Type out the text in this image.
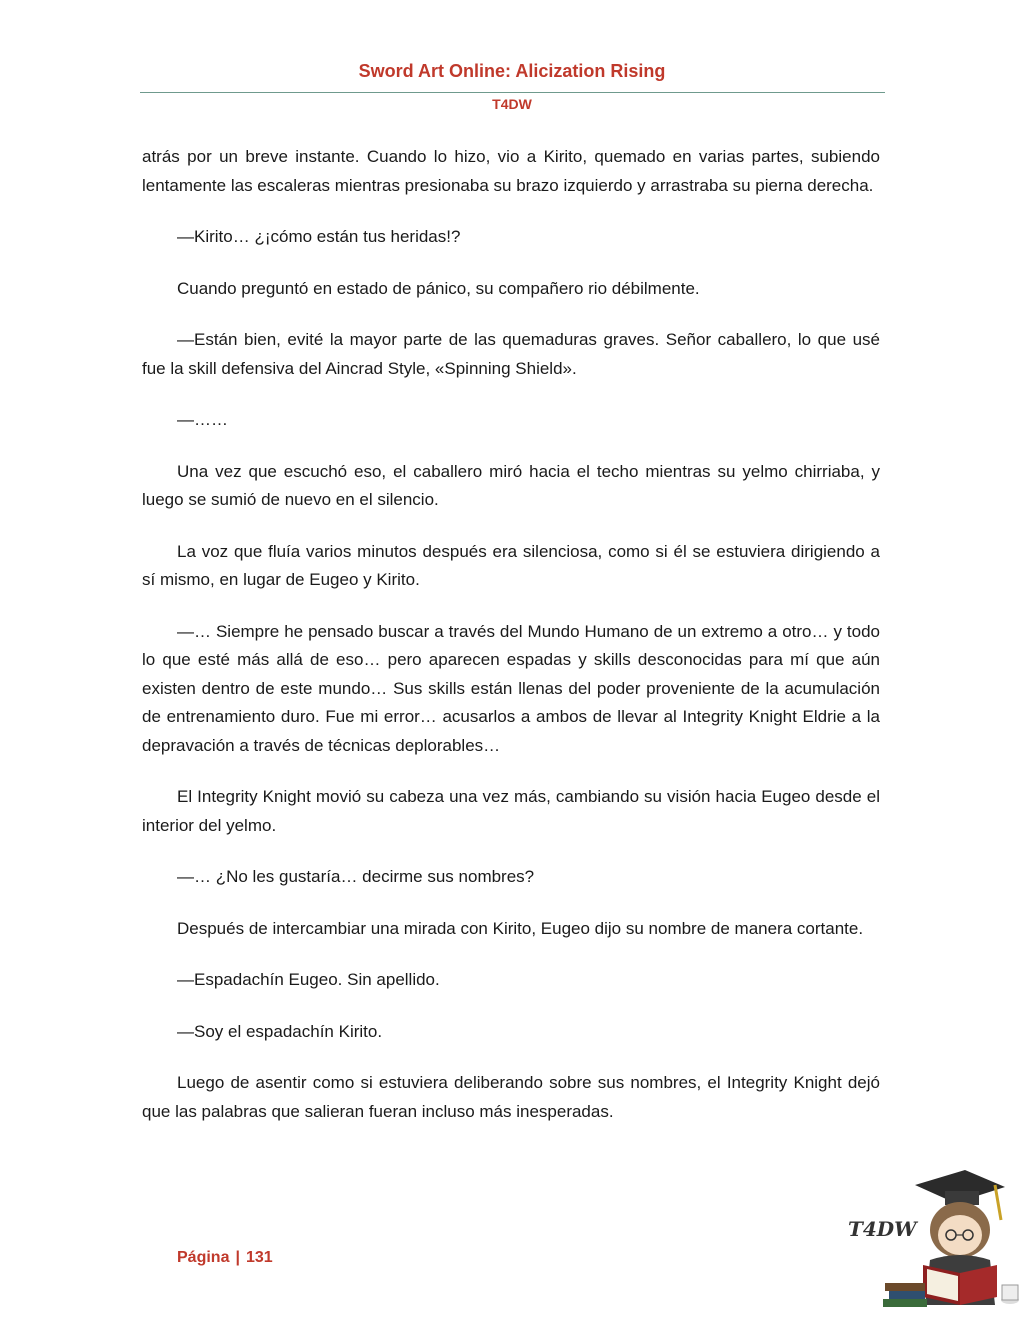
Sword Art Online: Alicization Rising
T4DW

atrás por un breve instante. Cuando lo hizo, vio a Kirito, quemado en varias partes, subiendo lentamente las escaleras mientras presionaba su brazo izquierdo y arrastraba su pierna derecha.

—Kirito… ¿¡cómo están tus heridas!?

Cuando preguntó en estado de pánico, su compañero rio débilmente.

—Están bien, evité la mayor parte de las quemaduras graves. Señor caballero, lo que usé fue la skill defensiva del Aincrad Style, «Spinning Shield».

—……

Una vez que escuchó eso, el caballero miró hacia el techo mientras su yelmo chirriaba, y luego se sumió de nuevo en el silencio.

La voz que fluía varios minutos después era silenciosa, como si él se estuviera dirigiendo a sí mismo, en lugar de Eugeo y Kirito.

—… Siempre he pensado buscar a través del Mundo Humano de un extremo a otro… y todo lo que esté más allá de eso… pero aparecen espadas y skills desconocidas para mí que aún existen dentro de este mundo… Sus skills están llenas del poder proveniente de la acumulación de entrenamiento duro. Fue mi error… acusarlos a ambos de llevar al Integrity Knight Eldrie a la depravación a través de técnicas deplorables…

El Integrity Knight movió su cabeza una vez más, cambiando su visión hacia Eugeo desde el interior del yelmo.

—… ¿No les gustaría… decirme sus nombres?

Después de intercambiar una mirada con Kirito, Eugeo dijo su nombre de manera cortante.

—Espadachín Eugeo. Sin apellido.

—Soy el espadachín Kirito.

Luego de asentir como si estuviera deliberando sobre sus nombres, el Integrity Knight dejó que las palabras que salieran fueran incluso más inesperadas.

Página | 131
T4DW
